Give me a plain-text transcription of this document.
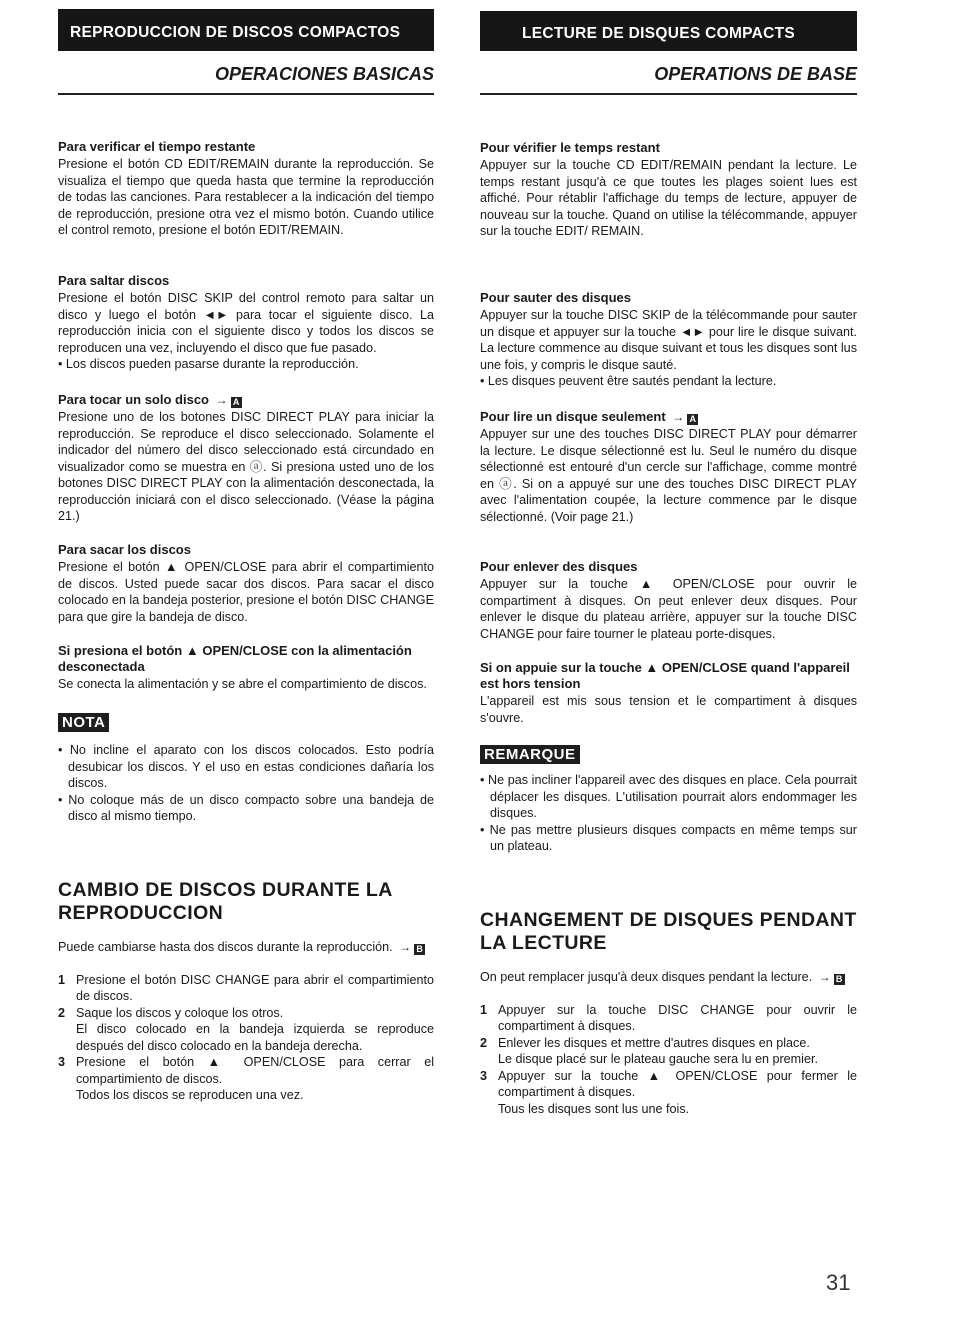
REPRODUCCION DE DISCOS COMPACTOS
OPERACIONES BASICAS
Para verificar el tiempo restante

Presione el botón CD EDIT/REMAIN durante la reproducción. Se visualiza el tiempo que queda hasta que termine la reproducción de todas las canciones. Para restablecer a la indicación del tiempo de reproducción, presione otra vez el mismo botón. Cuando utilice el control remoto, presione el botón EDIT/REMAIN.

Para saltar discos

Presione el botón DISC SKIP del control remoto para saltar un disco y luego el botón ◄► para tocar el siguiente disco. La reproducción inicia con el siguiente disco y todos los discos se reproducen una vez, incluyendo el disco que fue pasado.

• Los discos pueden pasarse durante la reproducción.

Para tocar un solo disco → A

Presione uno de los botones DISC DIRECT PLAY para iniciar la reproducción. Se reproduce el disco seleccionado. Solamente el indicador del número del disco seleccionado está circundado en visualizador como se muestra en ⓐ. Si presiona usted uno de los botones DISC DIRECT PLAY con la alimentación desconectada, la reproducción iniciará con el disco seleccionado. (Véase la página 21.)

Para sacar los discos

Presione el botón ▲ OPEN/CLOSE para abrir el compartimiento de discos. Usted puede sacar dos discos. Para sacar el disco colocado en la bandeja posterior, presione el botón DISC CHANGE para que gire la bandeja de disco.

Si presiona el botón ▲ OPEN/CLOSE con la alimentación desconectada

Se conecta la alimentación y se abre el compartimiento de discos.

NOTA

• No incline el aparato con los discos colocados. Esto podría desubicar los discos. Y el uso en estas condiciones dañaría los discos.

• No coloque más de un disco compacto sobre una bandeja de disco al mismo tiempo.

CAMBIO DE DISCOS DURANTE LA REPRODUCCION

Puede cambiarse hasta dos discos durante la reproducción. → B

1 Presione el botón DISC CHANGE para abrir el compartimiento de discos.
2 Saque los discos y coloque los otros.
El disco colocado en la bandeja izquierda se reproduce después del disco colocado en la bandeja derecha.
3 Presione el botón ▲ OPEN/CLOSE para cerrar el compartimiento de discos.
Todos los discos se reproducen una vez.
LECTURE DE DISQUES COMPACTS
OPERATIONS DE BASE
Pour vérifier le temps restant

Appuyer sur la touche CD EDIT/REMAIN pendant la lecture. Le temps restant jusqu'à ce que toutes les plages soient lues est affiché. Pour rétablir l'affichage du temps de lecture, appuyer de nouveau sur la touche. Quand on utilise la télécommande, appuyer sur la touche EDIT/ REMAIN.

Pour sauter des disques

Appuyer sur la touche DISC SKIP de la télécommande pour sauter un disque et appuyer sur la touche ◄► pour lire le disque suivant. La lecture commence au disque suivant et tous les disques sont lus une fois, y compris le disque sauté.

• Les disques peuvent être sautés pendant la lecture.

Pour lire un disque seulement → A

Appuyer sur une des touches DISC DIRECT PLAY pour démarrer la lecture. Le disque sélectionné est lu. Seul le numéro du disque sélectionné est entouré d'un cercle sur l'affichage, comme montré en ⓐ. Si on a appuyé sur une des touches DISC DIRECT PLAY avec l'alimentation coupée, la lecture commence par le disque sélectionné. (Voir page 21.)

Pour enlever des disques

Appuyer sur la touche ▲ OPEN/CLOSE pour ouvrir le compartiment à disques. On peut enlever deux disques. Pour enlever le disque du plateau arrière, appuyer sur la touche DISC CHANGE pour faire tourner le plateau porte-disques.

Si on appuie sur la touche ▲ OPEN/CLOSE quand l'appareil est hors tension

L'appareil est mis sous tension et le compartiment à disques s'ouvre.

REMARQUE

• Ne pas incliner l'appareil avec des disques en place. Cela pourrait déplacer les disques. L'utilisation pourrait alors endommager les disques.

• Ne pas mettre plusieurs disques compacts en même temps sur un plateau.

CHANGEMENT DE DISQUES PENDANT LA LECTURE

On peut remplacer jusqu'à deux disques pendant la lecture. → B

1 Appuyer sur la touche DISC CHANGE pour ouvrir le compartiment à disques.
2 Enlever les disques et mettre d'autres disques en place.
Le disque placé sur le plateau gauche sera lu en premier.
3 Appuyer sur la touche ▲ OPEN/CLOSE pour fermer le compartiment à disques.
Tous les disques sont lus une fois.
31
